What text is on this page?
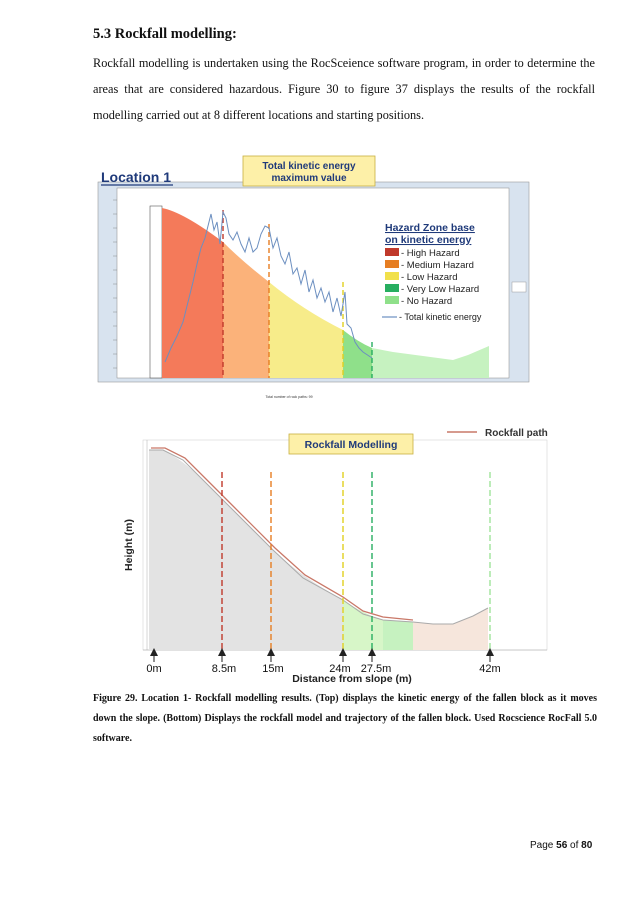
5.3 Rockfall modelling:
Rockfall modelling is undertaken using the RocSceience software program, in order to determine the areas that are considered hazardous. Figure 30 to figure 37 displays the results of the rockfall modelling carried out at 8 different locations and starting positions.
Hazard Zone base
on kinetic energy
- High Hazard
- Medium Hazard
- Low Hazard
- Very Low Hazard
- No Hazard
- Total kinetic energy
Location 1
Total kinetic energy
maximum value
Total number of rock paths: 99
Rockfall Modelling
Rockfall path
Height (m)
0m	8.5m 15m	24m 27.5m	42m
Distance from slope (m)
Figure 29. Location 1- Rockfall modelling results. (Top) displays the kinetic energy of the fallen block as it moves down the slope. (Bottom) Displays the rockfall model and trajectory of the fallen block. Used Rocscience RocFall 5.0 software.
Page 56 of 80
